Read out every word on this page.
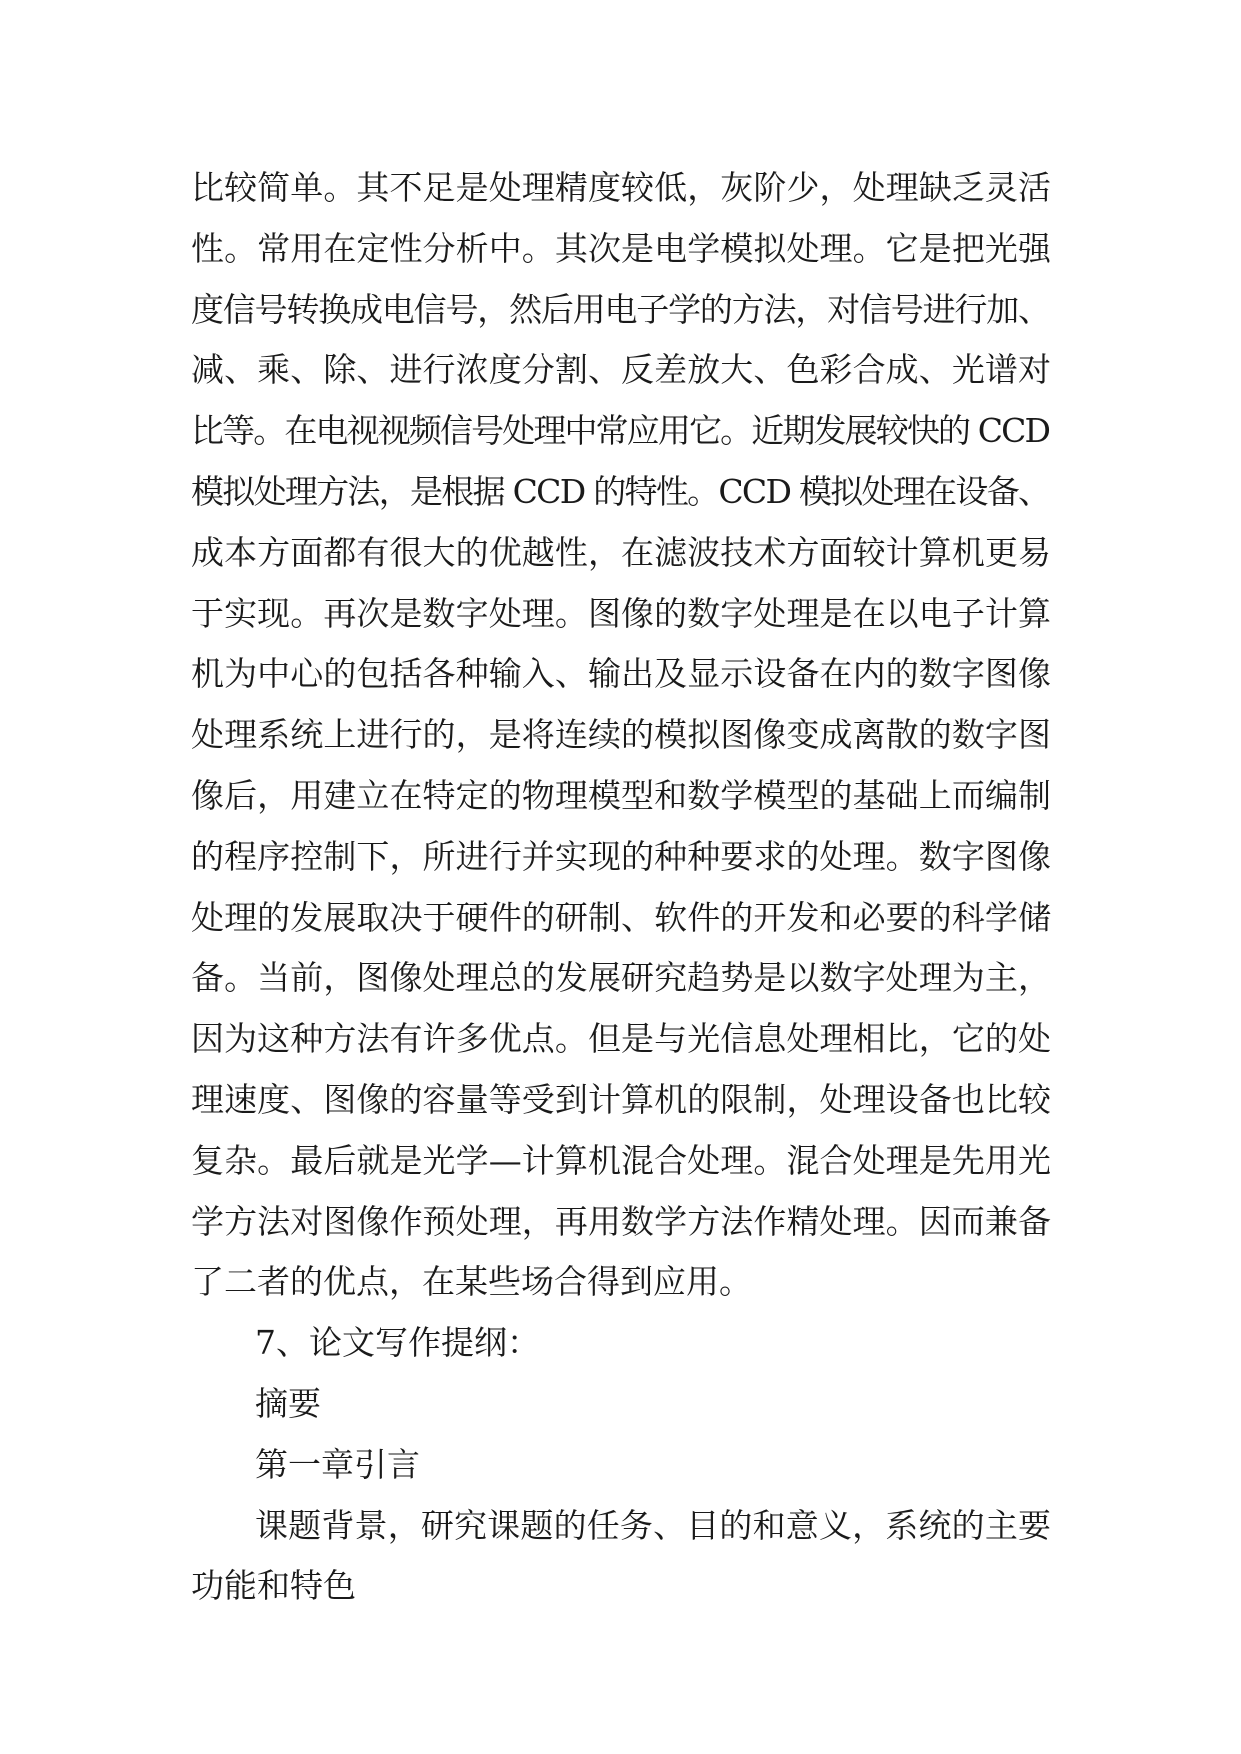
比较简单。其不足是处理精度较低，灰阶少，处理缺乏灵活
性。常用在定性分析中。其次是电学模拟处理。它是把光强
度信号转换成电信号，然后用电子学的方法，对信号进行加、
减、乘、除、进行浓度分割、反差放大、色彩合成、光谱对
比等。在电视视频信号处理中常应用它。近期发展较快的 CCD
模拟处理方法，是根据 CCD 的特性。CCD 模拟处理在设备、
成本方面都有很大的优越性，在滤波技术方面较计算机更易
于实现。再次是数字处理。图像的数字处理是在以电子计算
机为中心的包括各种输入、输出及显示设备在内的数字图像
处理系统上进行的，是将连续的模拟图像变成离散的数字图
像后，用建立在特定的物理模型和数学模型的基础上而编制
的程序控制下，所进行并实现的种种要求的处理。数字图像
处理的发展取决于硬件的研制、软件的开发和必要的科学储
备。当前，图像处理总的发展研究趋势是以数字处理为主，
因为这种方法有许多优点。但是与光信息处理相比，它的处
理速度、图像的容量等受到计算机的限制，处理设备也比较
复杂。最后就是光学—计算机混合处理。混合处理是先用光
学方法对图像作预处理，再用数学方法作精处理。因而兼备
了二者的优点，在某些场合得到应用。
7、论文写作提纲：
摘要
第一章引言
课题背景，研究课题的任务、目的和意义，系统的主要
功能和特色
